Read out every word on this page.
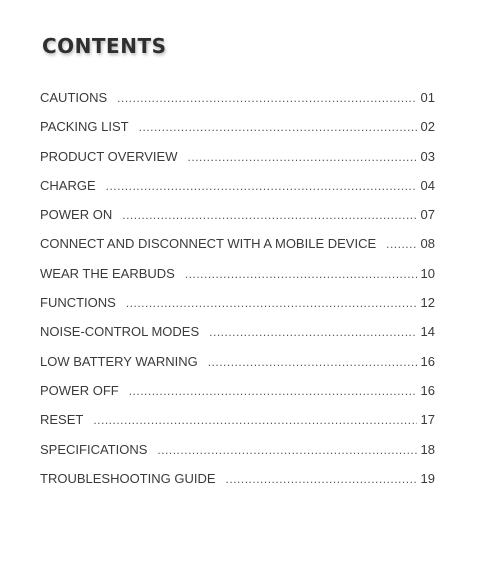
CONTENTS
CAUTIONS .....	01
PACKING LIST .....	02
PRODUCT OVERVIEW .....	03
CHARGE .....	04
POWER ON .....	07
CONNECT AND DISCONNECT WITH A MOBILE DEVICE .....	08
WEAR THE EARBUDS .....	10
FUNCTIONS .....	12
NOISE-CONTROL MODES .....	14
LOW BATTERY WARNING .....	16
POWER OFF .....	16
RESET .....	17
SPECIFICATIONS .....	18
TROUBLESHOOTING GUIDE .....	19
